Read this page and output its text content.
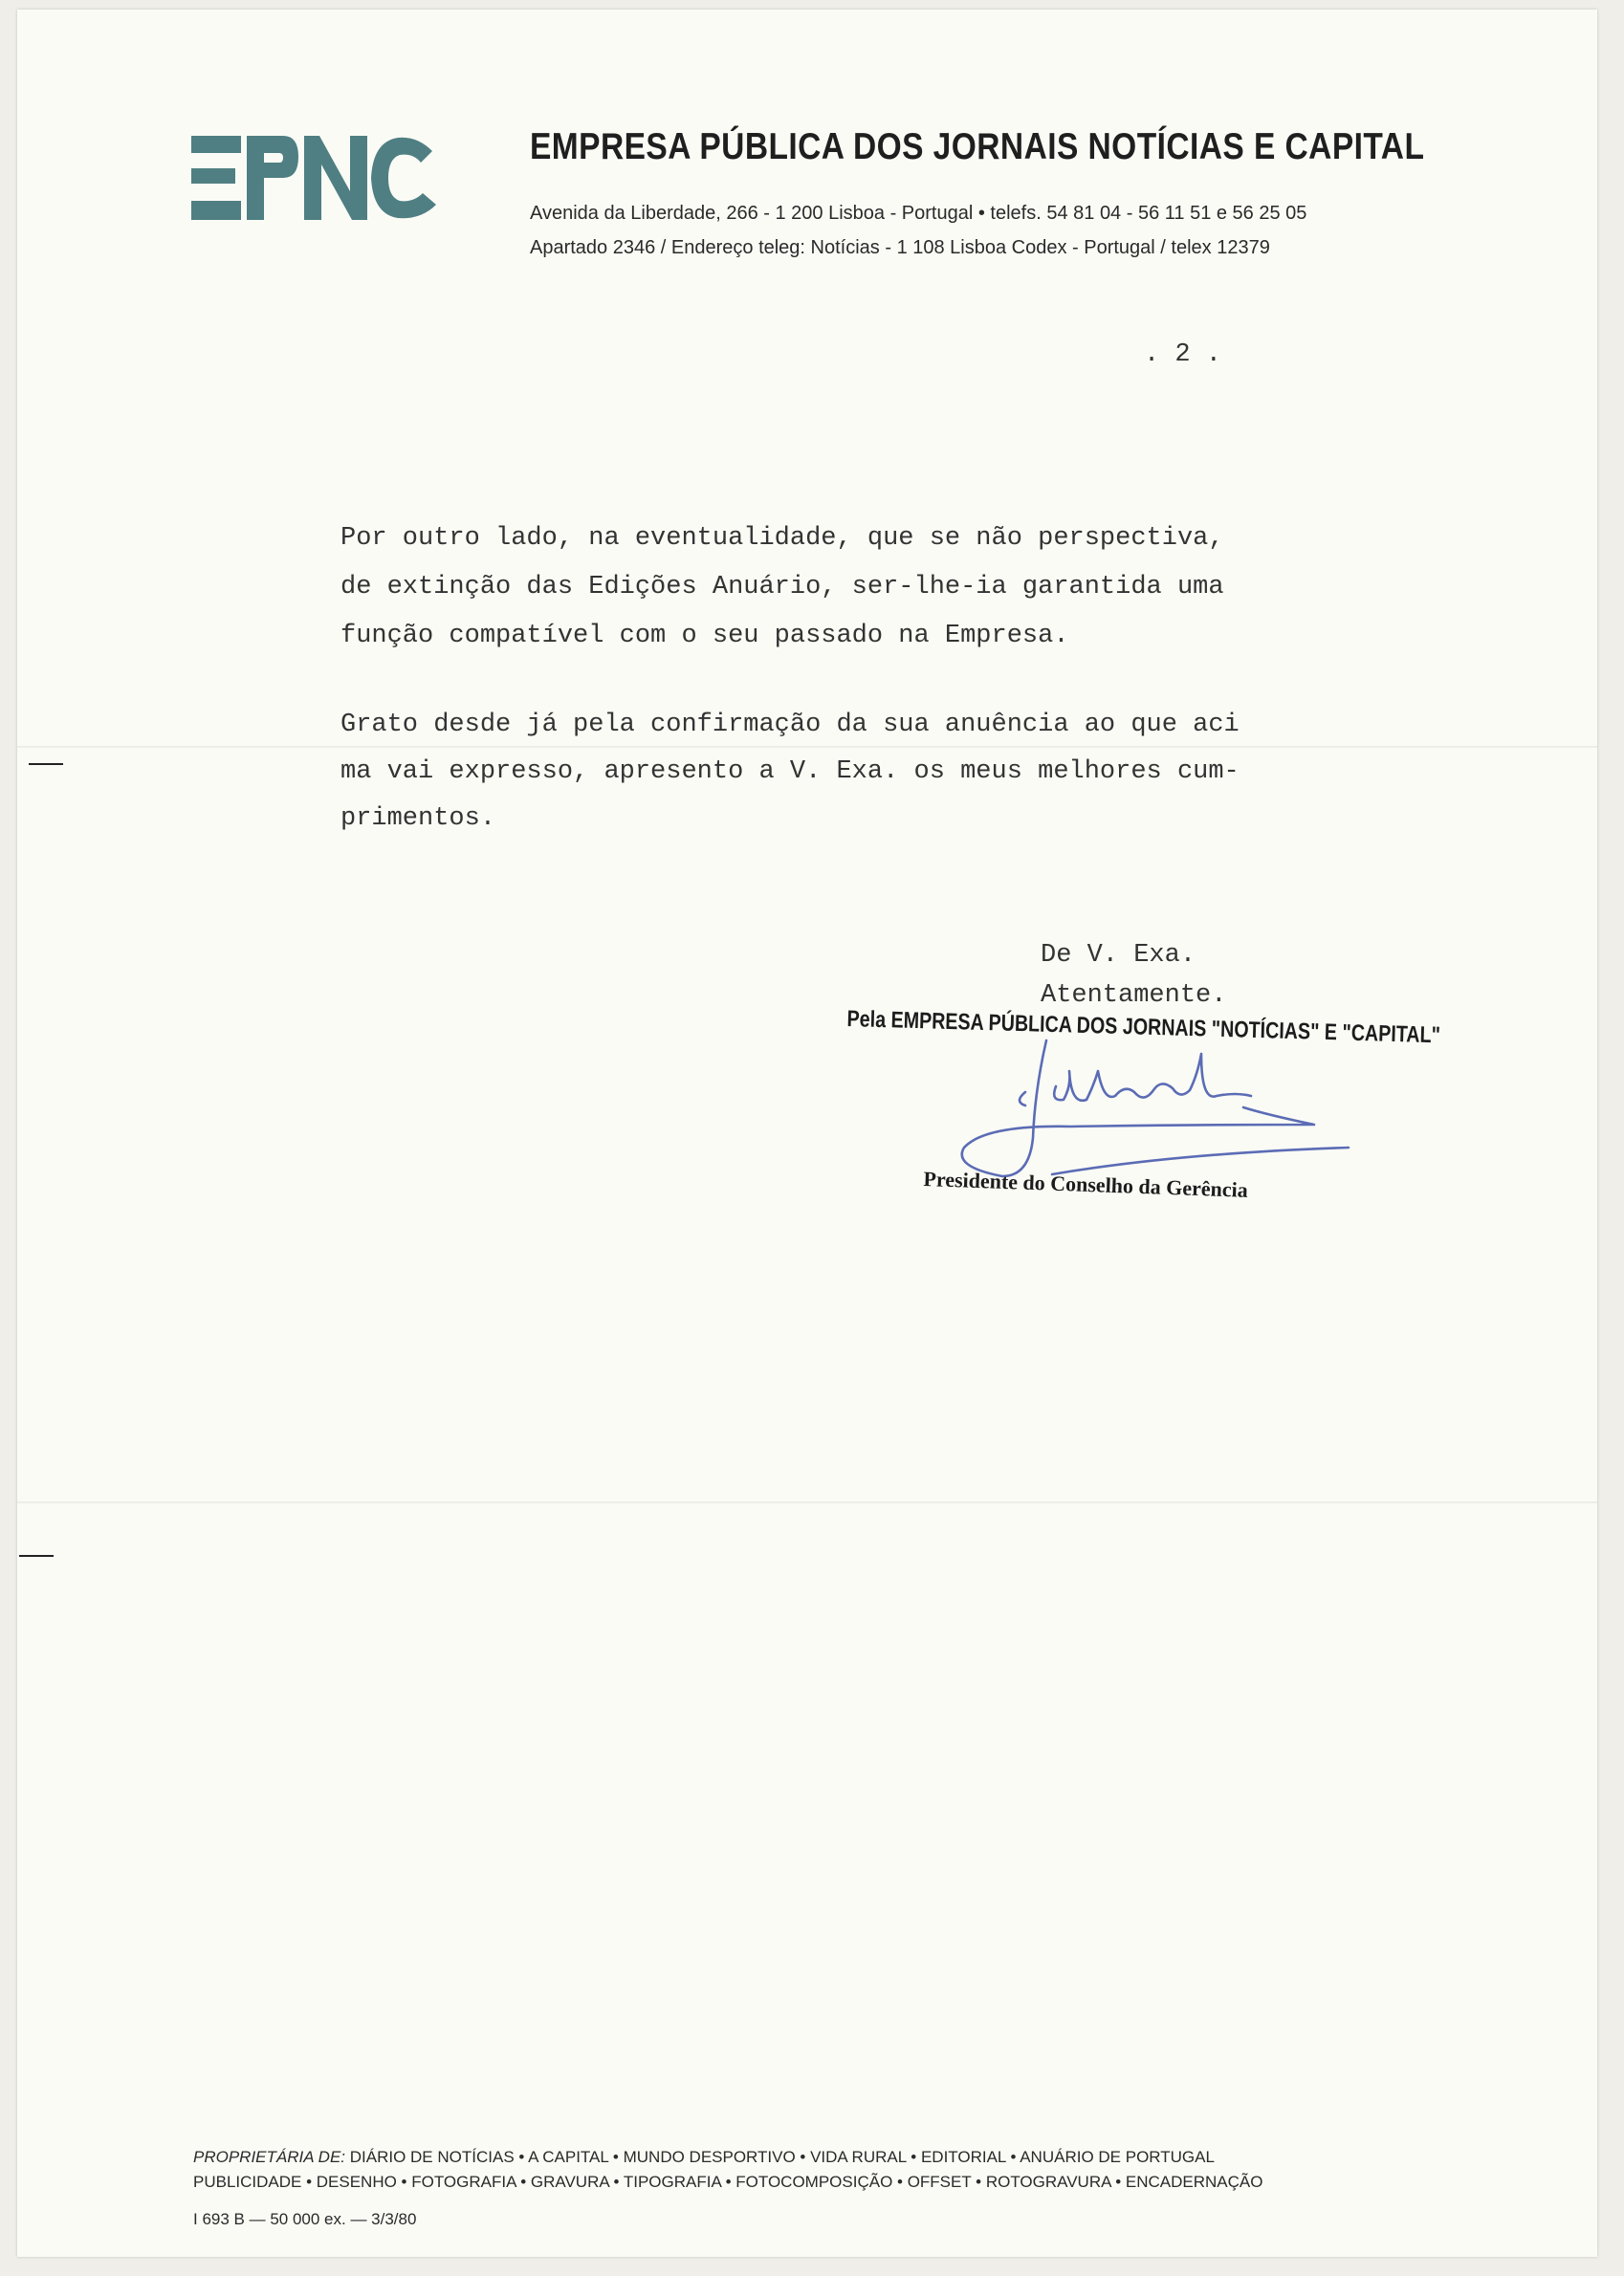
EMPRESA PÚBLICA DOS JORNAIS NOTÍCIAS E CAPITAL
Avenida da Liberdade, 266 - 1 200 Lisboa - Portugal • telefs. 54 81 04 - 56 11 51 e 56 25 05
Apartado 2346 / Endereço teleg: Notícias - 1 108 Lisboa Codex - Portugal / telex 12379
. 2 .
Por outro lado, na eventualidade, que se não perspectiva,
de extinção das Edições Anuário, ser-lhe-ia garantida uma
função compatível com o seu passado na Empresa.
Grato desde já pela confirmação da sua anuência ao que aci
ma vai expresso, apresento a V. Exa. os meus melhores cum-
primentos.
De V. Exa.
Atentamente.
Pela EMPRESA PÚBLICA DOS JORNAIS "NOTÍCIAS" E "CAPITAL"
Presidente do Conselho da Gerência
PROPRIETÁRIA DE: DIÁRIO DE NOTÍCIAS • A CAPITAL • MUNDO DESPORTIVO • VIDA RURAL • EDITORIAL • ANUÁRIO DE PORTUGAL
PUBLICIDADE • DESENHO • FOTOGRAFIA • GRAVURA • TIPOGRAFIA • FOTOCOMPOSIÇÃO • OFFSET • ROTOGRAVURA • ENCADERNAÇÃO
I 693 B — 50 000 ex. — 3/3/80
